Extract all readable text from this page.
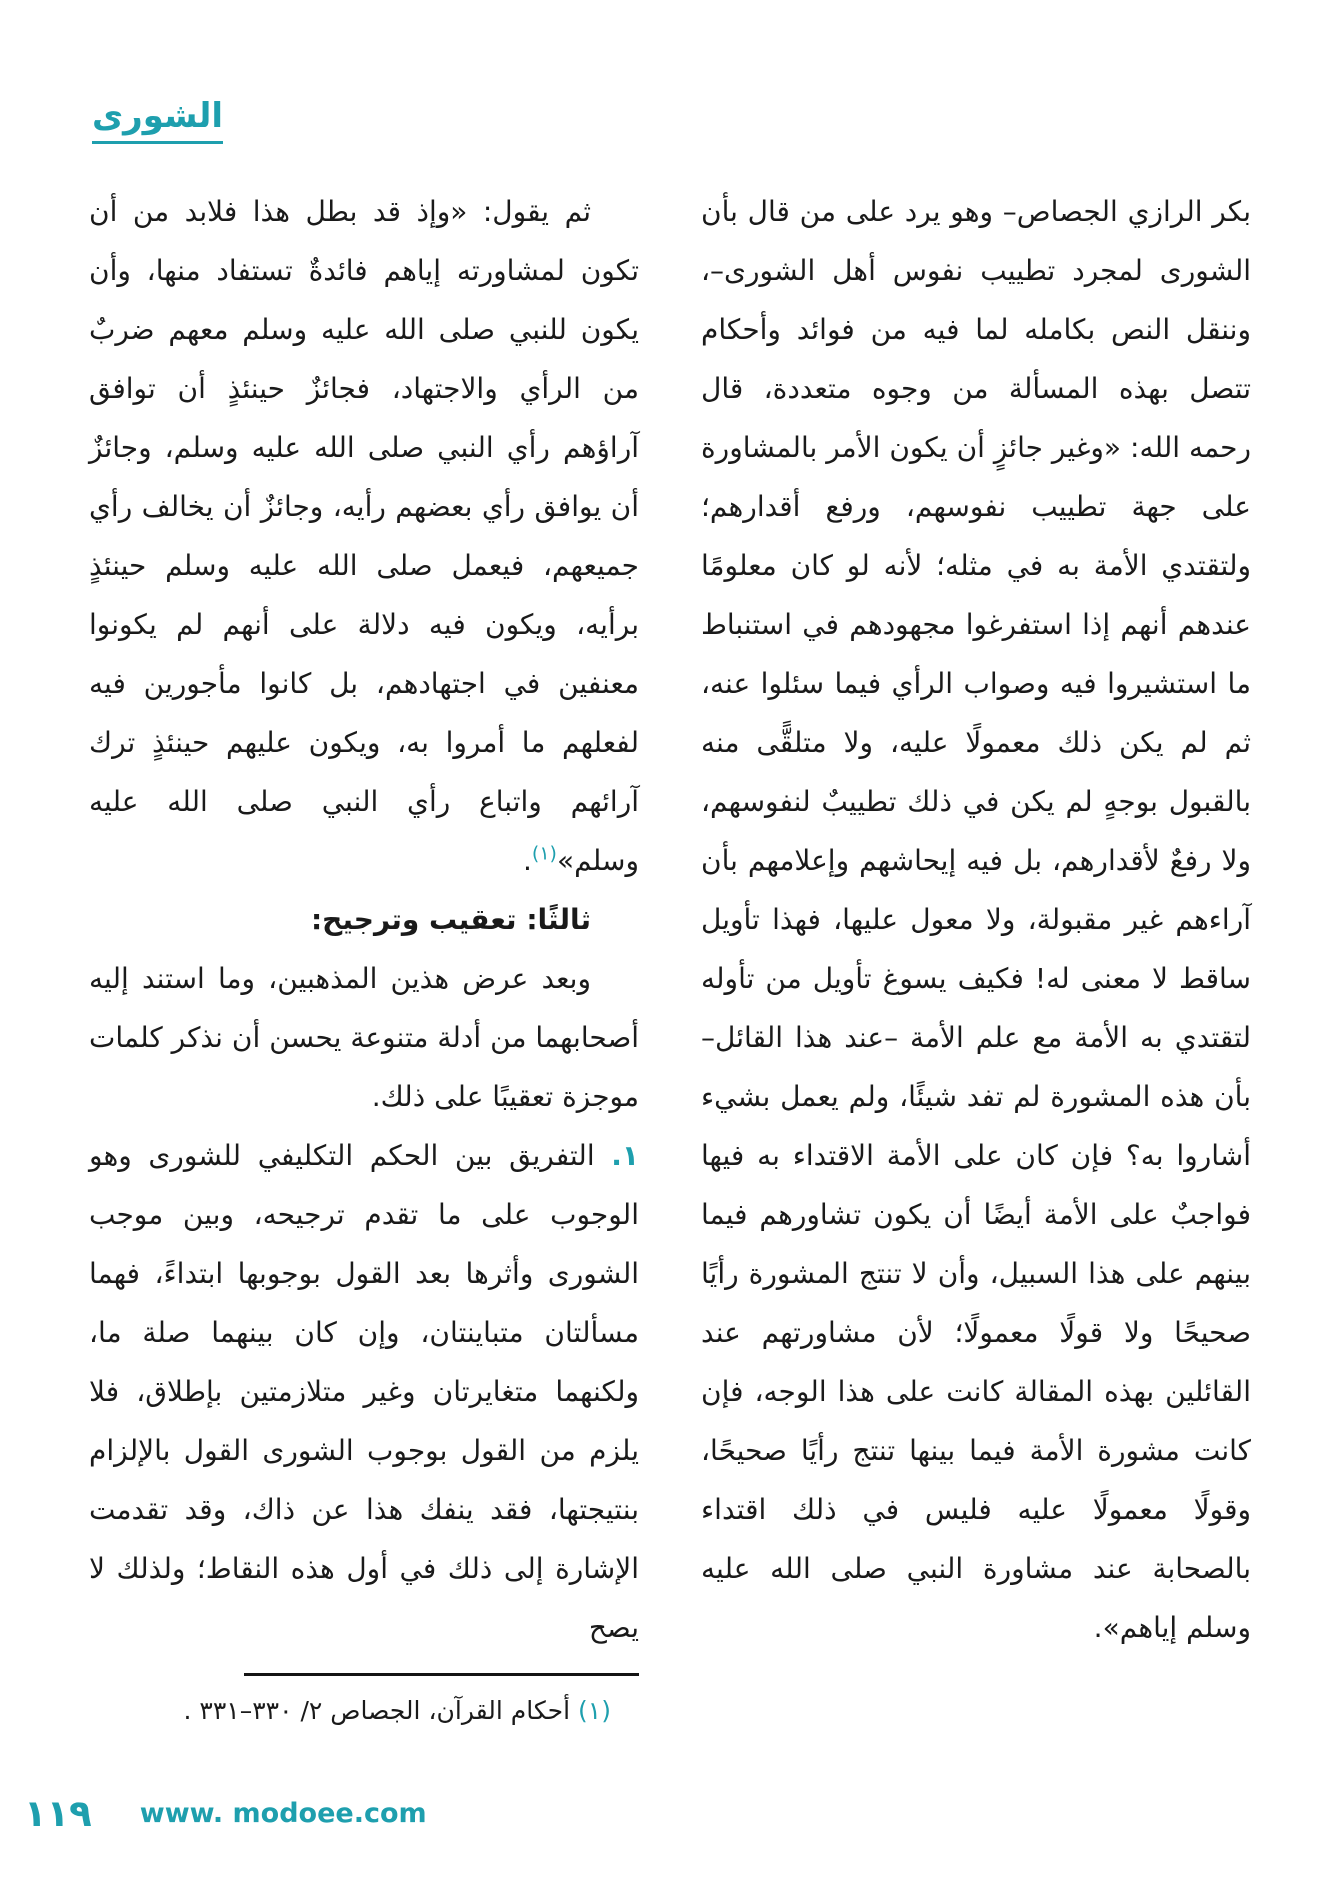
الشورى

بكر الرازي الجصاص– وهو يرد على من قال بأن الشورى لمجرد تطييب نفوس أهل الشورى–، وننقل النص بكامله لما فيه من فوائد وأحكام تتصل بهذه المسألة من وجوه متعددة، قال رحمه الله: «وغير جائزٍ أن يكون الأمر بالمشاورة على جهة تطييب نفوسهم، ورفع أقدارهم؛ ولتقتدي الأمة به في مثله؛ لأنه لو كان معلومًا عندهم أنهم إذا استفرغوا مجهودهم في استنباط ما استشيروا فيه وصواب الرأي فيما سئلوا عنه، ثم لم يكن ذلك معمولًا عليه، ولا متلقًّى منه بالقبول بوجهٍ لم يكن في ذلك تطييبٌ لنفوسهم، ولا رفعٌ لأقدارهم، بل فيه إيحاشهم وإعلامهم بأن آراءهم غير مقبولة، ولا معول عليها، فهذا تأويل ساقط لا معنى له! فكيف يسوغ تأويل من تأوله لتقتدي به الأمة مع علم الأمة –عند هذا القائل– بأن هذه المشورة لم تفد شيئًا، ولم يعمل بشيء أشاروا به؟ فإن كان على الأمة الاقتداء به فيها فواجبٌ على الأمة أيضًا أن يكون تشاورهم فيما بينهم على هذا السبيل، وأن لا تنتج المشورة رأيًا صحيحًا ولا قولًا معمولًا؛ لأن مشاورتهم عند القائلين بهذه المقالة كانت على هذا الوجه، فإن كانت مشورة الأمة فيما بينها تنتج رأيًا صحيحًا، وقولًا معمولًا عليه فليس في ذلك اقتداء بالصحابة عند مشاورة النبي صلى الله عليه وسلم إياهم».

ثم يقول: «وإذ قد بطل هذا فلابد من أن تكون لمشاورته إياهم فائدةٌ تستفاد منها، وأن يكون للنبي صلى الله عليه وسلم معهم ضربٌ من الرأي والاجتهاد، فجائزٌ حينئذٍ أن توافق آراؤهم رأي النبي صلى الله عليه وسلم، وجائزٌ أن يوافق رأي بعضهم رأيه، وجائزٌ أن يخالف رأي جميعهم، فيعمل صلى الله عليه وسلم حينئذٍ برأيه، ويكون فيه دلالة على أنهم لم يكونوا معنفين في اجتهادهم، بل كانوا مأجورين فيه لفعلهم ما أمروا به، ويكون عليهم حينئذٍ ترك آرائهم واتباع رأي النبي صلى الله عليه وسلم»$^{(١)}$.

ثالثًا: تعقيب وترجيح:

وبعد عرض هذين المذهبين، وما استند إليه أصحابهما من أدلة متنوعة يحسن أن نذكر كلمات موجزة تعقيبًا على ذلك.

١. التفريق بين الحكم التكليفي للشورى وهو الوجوب على ما تقدم ترجيحه، وبين موجب الشورى وأثرها بعد القول بوجوبها ابتداءً، فهما مسألتان متباينتان، وإن كان بينهما صلة ما، ولكنهما متغايرتان وغير متلازمتين بإطلاق، فلا يلزم من القول بوجوب الشورى القول بالإلزام بنتيجتها، فقد ينفك هذا عن ذاك، وقد تقدمت الإشارة إلى ذلك في أول هذه النقاط؛ ولذلك لا يصح

(١) أحكام القرآن، الجصاص ٢/ ٣٣٠–٣٣١ .

١١٩ www. modoee.com
